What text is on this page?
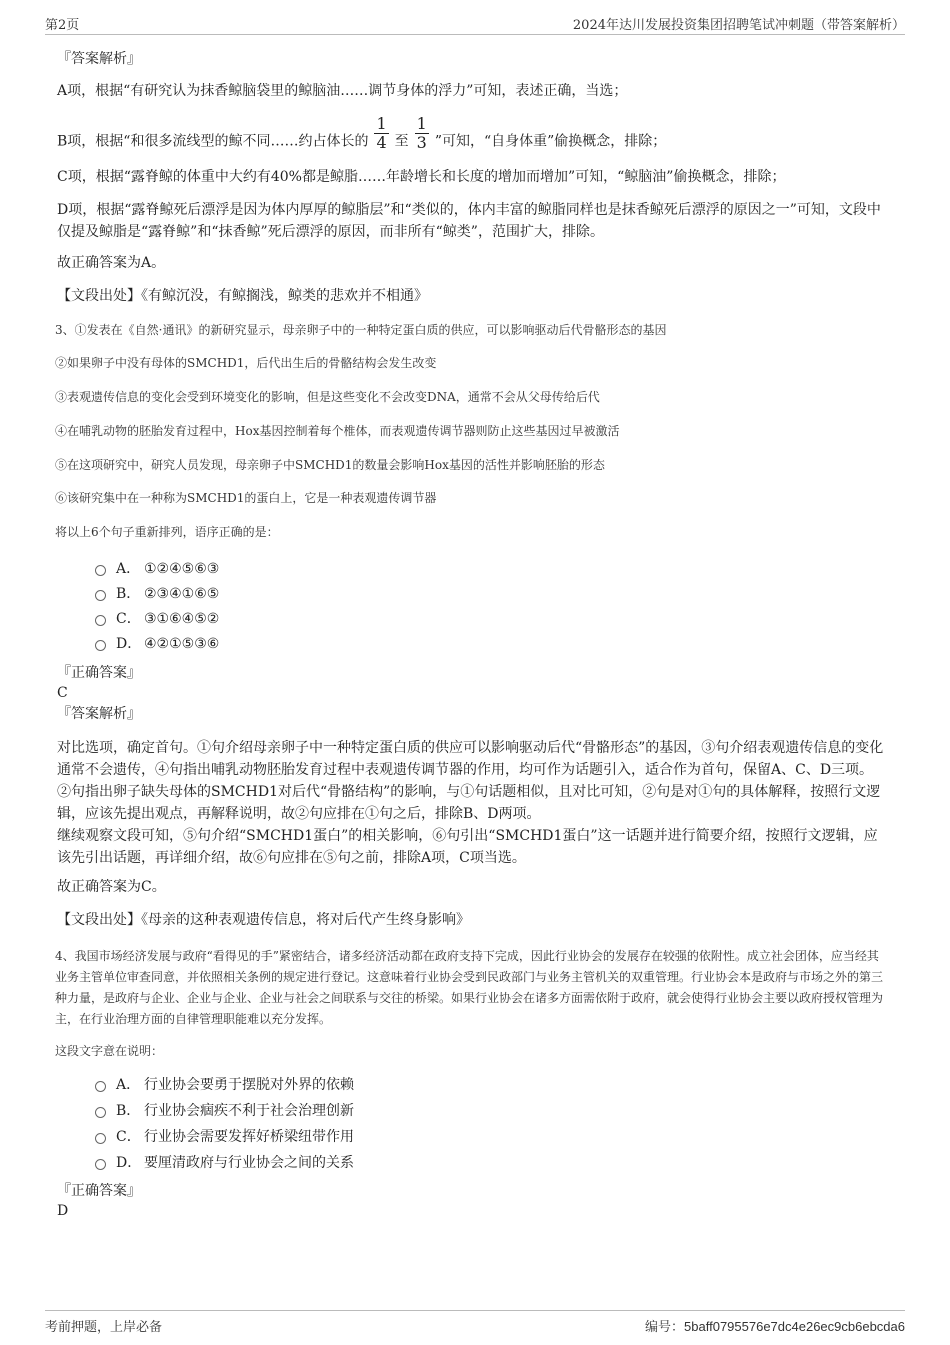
第2页	2024年达川发展投资集团招聘笔试冲刺题（带答案解析）
『答案解析』
A项，根据“有研究认为抹香鲸脑袋里的鲸脑油……调节身体的浮力”可知，表述正确，当选；
B项，根据“和很多流线型的鲸不同……约占体长的 $\frac{1}{4}$ 至 $\frac{1}{3}$ ”可知，“自身体重”偷换概念，排除；
C项，根据“露脊鲸的体重中大约有40%都是鲸脂……年龄增长和长度的增加而增加”可知，“鲸脑油”偷换概念，排除；
D项，根据“露脊鲸死后漂浮是因为体内厚厚的鲸脂层”和“类似的，体内丰富的鲸脂同样也是抹香鲸死后漂浮的原因之一”可知，文段中仅提及鲸脂是“露脊鲸”和“抹香鲸”死后漂浮的原因，而非所有“鲸类”，范围扩大，排除。
故正确答案为A。
【文段出处】《有鲸沉没，有鲸搁浅，鲸类的悲欢并不相通》
3、①发表在《自然·通讯》的新研究显示，母亲卵子中的一种特定蛋白质的供应，可以影响驱动后代骨骼形态的基因
②如果卵子中没有母体的SMCHD1，后代出生后的骨骼结构会发生改变
③表观遗传信息的变化会受到环境变化的影响，但是这些变化不会改变DNA，通常不会从父母传给后代
④在哺乳动物的胚胎发育过程中，Hox基因控制着每个椎体，而表观遗传调节器则防止这些基因过早被激活
⑤在这项研究中，研究人员发现，母亲卵子中SMCHD1的数量会影响Hox基因的活性并影响胚胎的形态
⑥该研究集中在一种称为SMCHD1的蛋白上，它是一种表观遗传调节器
将以上6个句子重新排列，语序正确的是：
A． ①②④⑤⑥③
B． ②③④①⑥⑤
C． ③①⑥④⑤②
D． ④②①⑤③⑥
『正确答案』
C
『答案解析』
对比选项，确定首句。①句介绍母亲卵子中一种特定蛋白质的供应可以影响驱动后代“骨骼形态”的基因，③句介绍表观遗传信息的变化通常不会遗传，④句指出哺乳动物胚胎发育过程中表观遗传调节器的作用，均可作为话题引入，适合作为首句，保留A、C、D三项。②句指出卵子缺失母体的SMCHD1对后代“骨骼结构”的影响，与①句话题相似，且对比可知，②句是对①句的具体解释，按照行文逻辑，应该先提出观点，再解释说明，故②句应排在①句之后，排除B、D两项。
继续观察文段可知，⑤句介绍“SMCHD1蛋白”的相关影响，⑥句引出“SMCHD1蛋白”这一话题并进行简要介绍，按照行文逻辑，应该先引出话题，再详细介绍，故⑥句应排在⑤句之前，排除A项，C项当选。
故正确答案为C。
【文段出处】《母亲的这种表观遗传信息，将对后代产生终身影响》
4、我国市场经济发展与政府“看得见的手”紧密结合，诸多经济活动都在政府支持下完成，因此行业协会的发展存在较强的依附性。成立社会团体，应当经其业务主管单位审查同意，并依照相关条例的规定进行登记。这意味着行业协会受到民政部门与业务主管机关的双重管理。行业协会本是政府与市场之外的第三种力量，是政府与企业、企业与企业、企业与社会之间联系与交往的桥梁。如果行业协会在诸多方面需依附于政府，就会使得行业协会主要以政府授权管理为主，在行业治理方面的自律管理职能难以充分发挥。
这段文字意在说明：
A． 行业协会要勇于摆脱对外界的依赖
B． 行业协会痼疾不利于社会治理创新
C． 行业协会需要发挥好桥梁纽带作用
D． 要厘清政府与行业协会之间的关系
『正确答案』
D
考前押题，上岸必备	编号：5baff0795576e7dc4e26ec9cb6ebcda6
